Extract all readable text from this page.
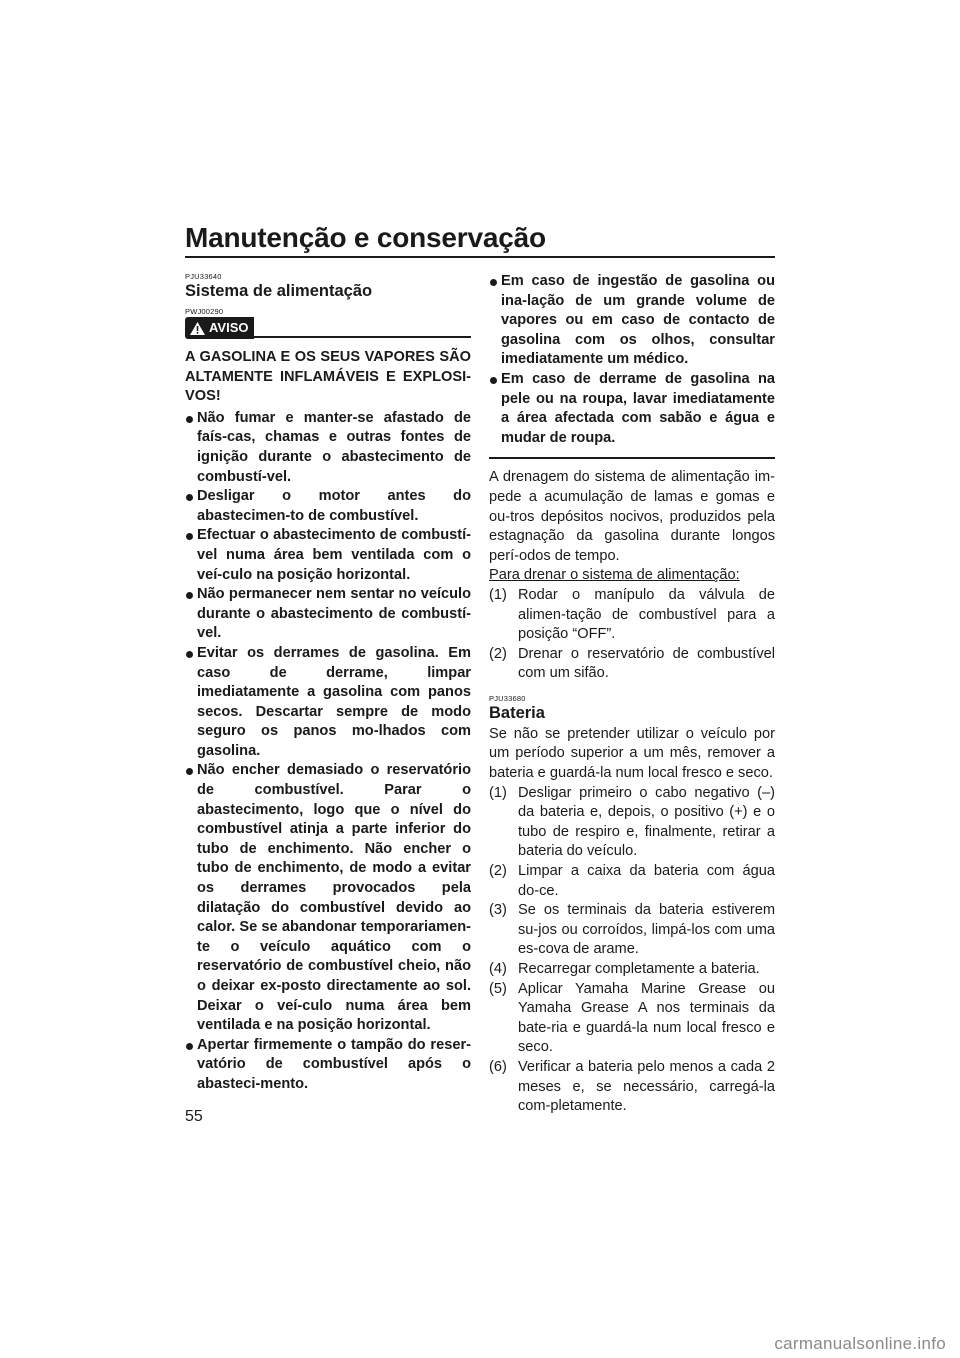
Manutenção e conservação
PJU33640
Sistema de alimentação
PWJ00290
AVISO

A GASOLINA E OS SEUS VAPORES SÃO ALTAMENTE INFLAMÁVEIS E EXPLOSI-VOS!

Não fumar e manter-se afastado de faís-cas, chamas e outras fontes de ignição durante o abastecimento de combustí-vel.
Desligar o motor antes do abastecimen-to de combustível.
Efectuar o abastecimento de combustí-vel numa área bem ventilada com o veí-culo na posição horizontal.
Não permanecer nem sentar no veículo durante o abastecimento de combustí-vel.
Evitar os derrames de gasolina. Em caso de derrame, limpar imediatamente a gasolina com panos secos. Descartar sempre de modo seguro os panos mo-lhados com gasolina.
Não encher demasiado o reservatório de combustível. Parar o abastecimento, logo que o nível do combustível atinja a parte inferior do tubo de enchimento. Não encher o tubo de enchimento, de modo a evitar os derrames provocados pela dilatação do combustível devido ao calor. Se se abandonar temporariamen-te o veículo aquático com o reservatório de combustível cheio, não o deixar ex-posto directamente ao sol. Deixar o veí-culo numa área bem ventilada e na posição horizontal.
Apertar firmemente o tampão do reser-vatório de combustível após o abasteci-mento.
Em caso de ingestão de gasolina ou ina-lação de um grande volume de vapores ou em caso de contacto de gasolina com os olhos, consultar imediatamente um médico.
Em caso de derrame de gasolina na pele ou na roupa, lavar imediatamente a área afectada com sabão e água e mudar de roupa.

A drenagem do sistema de alimentação im-pede a acumulação de lamas e gomas e ou-tros depósitos nocivos, produzidos pela estagnação da gasolina durante longos perí-odos de tempo.

Para drenar o sistema de alimentação:

(1) Rodar o manípulo da válvula de alimen-tação de combustível para a posição “OFF”.
(2) Drenar o reservatório de combustível com um sifão.
PJU33680
Bateria

Se não se pretender utilizar o veículo por um período superior a um mês, remover a bateria e guardá-la num local fresco e seco.

(1) Desligar primeiro o cabo negativo (–) da bateria e, depois, o positivo (+) e o tubo de respiro e, finalmente, retirar a bateria do veículo.
(2) Limpar a caixa da bateria com água do-ce.
(3) Se os terminais da bateria estiverem su-jos ou corroídos, limpá-los com uma es-cova de arame.
(4) Recarregar completamente a bateria.
(5) Aplicar Yamaha Marine Grease ou Yamaha Grease A nos terminais da bate-ria e guardá-la num local fresco e seco.
(6) Verificar a bateria pelo menos a cada 2 meses e, se necessário, carregá-la com-pletamente.
55
carmanualsonline.info
